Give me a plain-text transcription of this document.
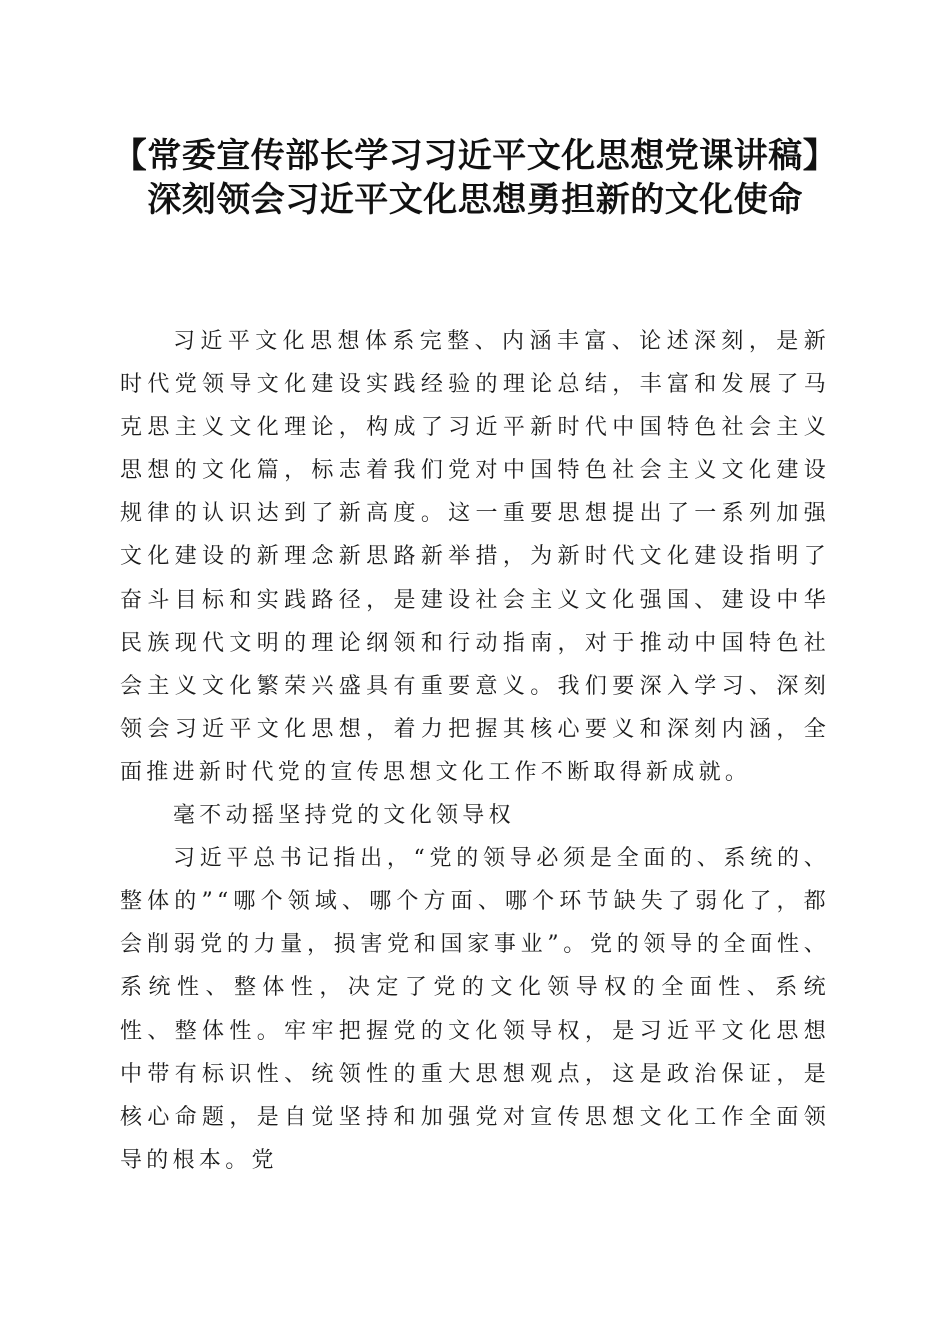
【常委宣传部长学习习近平文化思想党课讲稿】深刻领会习近平文化思想勇担新的文化使命

习近平文化思想体系完整、内涵丰富、论述深刻，是新时代党领导文化建设实践经验的理论总结，丰富和发展了马克思主义文化理论，构成了习近平新时代中国特色社会主义思想的文化篇，标志着我们党对中国特色社会主义文化建设规律的认识达到了新高度。这一重要思想提出了一系列加强文化建设的新理念新思路新举措，为新时代文化建设指明了奋斗目标和实践路径，是建设社会主义文化强国、建设中华民族现代文明的理论纲领和行动指南，对于推动中国特色社会主义文化繁荣兴盛具有重要意义。我们要深入学习、深刻领会习近平文化思想，着力把握其核心要义和深刻内涵，全面推进新时代党的宣传思想文化工作不断取得新成就。

毫不动摇坚持党的文化领导权

习近平总书记指出，“党的领导必须是全面的、系统的、整体的”“哪个领域、哪个方面、哪个环节缺失了弱化了，都会削弱党的力量，损害党和国家事业”。党的领导的全面性、系统性、整体性，决定了党的文化领导权的全面性、系统性、整体性。牢牢把握党的文化领导权，是习近平文化思想中带有标识性、统领性的重大思想观点，这是政治保证，是核心命题，是自觉坚持和加强党对宣传思想文化工作全面领导的根本。党
